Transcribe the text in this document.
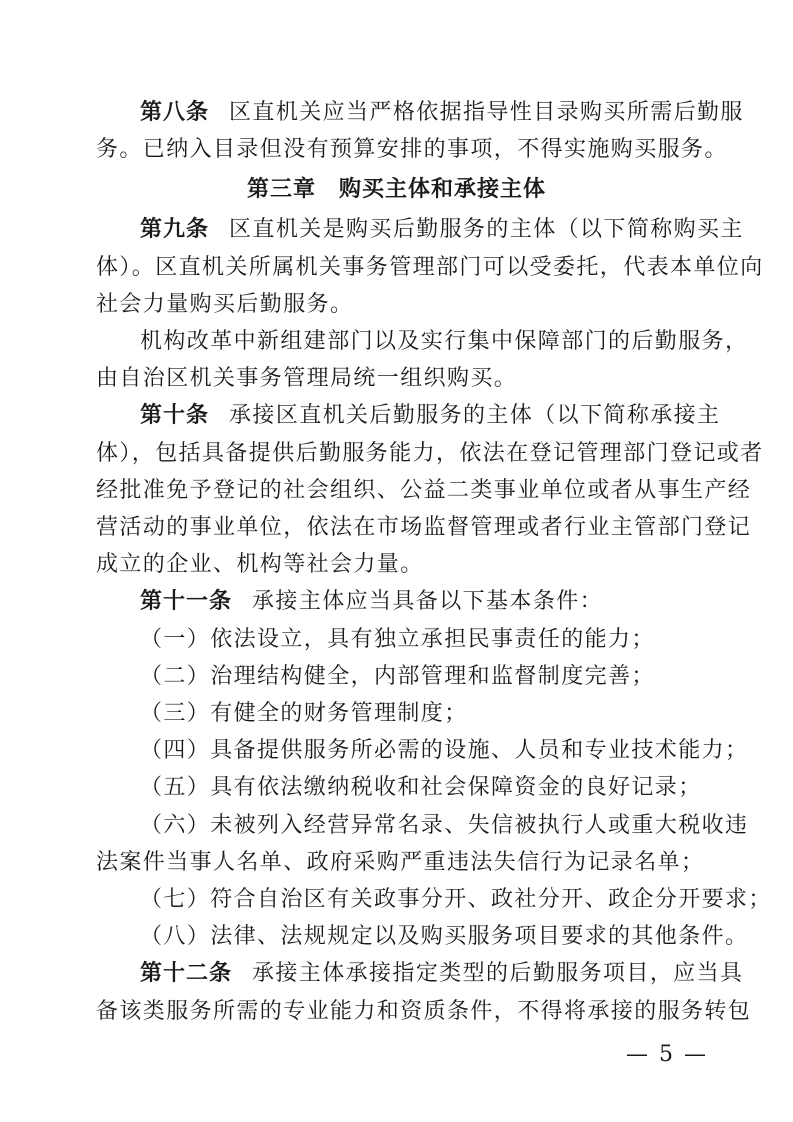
第八条 区直机关应当严格依据指导性目录购买所需后勤服
务。已纳入目录但没有预算安排的事项，不得实施购买服务。
第三章　购买主体和承接主体
第九条 区直机关是购买后勤服务的主体（以下简称购买主
体）。区直机关所属机关事务管理部门可以受委托，代表本单位向
社会力量购买后勤服务。
机构改革中新组建部门以及实行集中保障部门的后勤服务，
由自治区机关事务管理局统一组织购买。
第十条 承接区直机关后勤服务的主体（以下简称承接主
体），包括具备提供后勤服务能力，依法在登记管理部门登记或者
经批准免予登记的社会组织、公益二类事业单位或者从事生产经
营活动的事业单位，依法在市场监督管理或者行业主管部门登记
成立的企业、机构等社会力量。
第十一条 承接主体应当具备以下基本条件：
（一）依法设立，具有独立承担民事责任的能力；
（二）治理结构健全，内部管理和监督制度完善；
（三）有健全的财务管理制度；
（四）具备提供服务所必需的设施、人员和专业技术能力；
（五）具有依法缴纳税收和社会保障资金的良好记录；
（六）未被列入经营异常名录、失信被执行人或重大税收违
法案件当事人名单、政府采购严重违法失信行为记录名单；
（七）符合自治区有关政事分开、政社分开、政企分开要求；
（八）法律、法规规定以及购买服务项目要求的其他条件。
第十二条 承接主体承接指定类型的后勤服务项目，应当具
备该类服务所需的专业能力和资质条件，不得将承接的服务转包
— 5 —
